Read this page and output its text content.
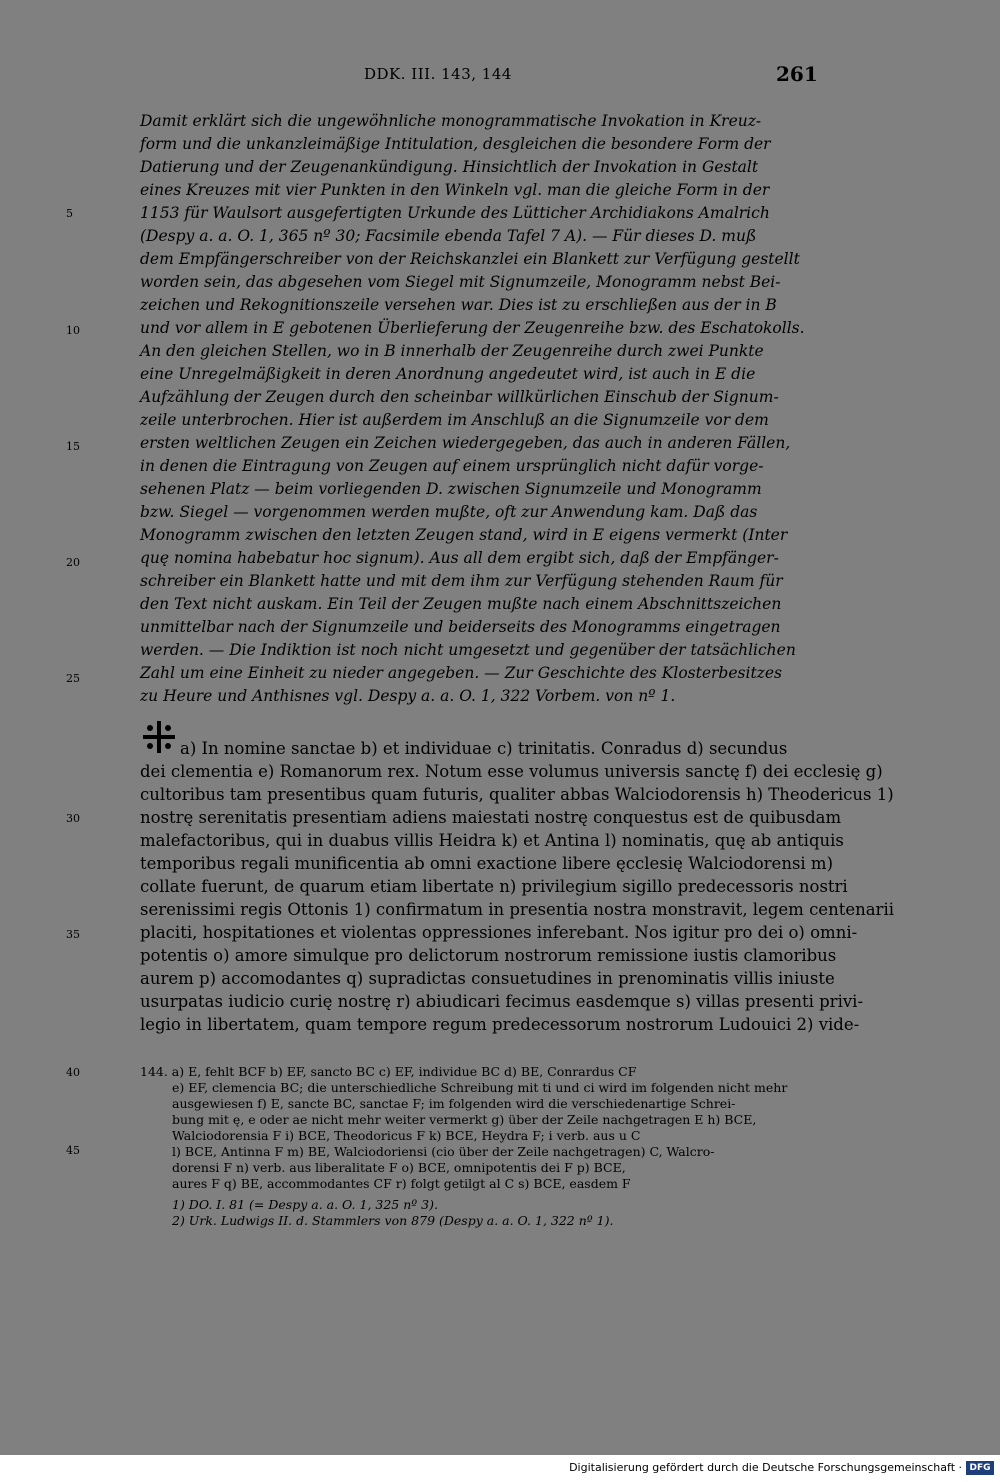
DDK. III. 143, 144	261
Damit erklärt sich die ungewöhnliche monogrammatische Invokation in Kreuz-
form und die unkanzleimäßige Intitulation, desgleichen die besondere Form der
Datierung und der Zeugenankündigung. Hinsichtlich der Invokation in Gestalt
eines Kreuzes mit vier Punkten in den Winkeln vgl. man die gleiche Form in der
1153 für Waulsort ausgefertigten Urkunde des Lütticher Archidiakons Amalrich
(Despy a. a. O. 1, 365 nº 30; Facsimile ebenda Tafel 7 A). — Für dieses D. muß
dem Empfängerschreiber von der Reichskanzlei ein Blankett zur Verfügung gestellt
worden sein, das abgesehen vom Siegel mit Signumzeile, Monogramm nebst Bei-
zeichen und Rekognitionszeile versehen war. Dies ist zu erschließen aus der in B
und vor allem in E gebotenen Überlieferung der Zeugenreihe bzw. des Eschatokolls.
An den gleichen Stellen, wo in B innerhalb der Zeugenreihe durch zwei Punkte
eine Unregelmäßigkeit in deren Anordnung angedeutet wird, ist auch in E die
Aufzählung der Zeugen durch den scheinbar willkürlichen Einschub der Signum-
zeile unterbrochen. Hier ist außerdem im Anschluß an die Signumzeile vor dem
ersten weltlichen Zeugen ein Zeichen wiedergegeben, das auch in anderen Fällen,
in denen die Eintragung von Zeugen auf einem ursprünglich nicht dafür vorge-
sehenen Platz — beim vorliegenden D. zwischen Signumzeile und Monogramm
bzw. Siegel — vorgenommen werden mußte, oft zur Anwendung kam. Daß das
Monogramm zwischen den letzten Zeugen stand, wird in E eigens vermerkt (Inter
quę nomina habebatur hoc signum). Aus all dem ergibt sich, daß der Empfänger-
schreiber ein Blankett hatte und mit dem ihm zur Verfügung stehenden Raum für
den Text nicht auskam. Ein Teil der Zeugen mußte nach einem Abschnittszeichen
unmittelbar nach der Signumzeile und beiderseits des Monogramms eingetragen
werden. — Die Indiktion ist noch nicht umgesetzt und gegenüber der tatsächlichen
Zahl um eine Einheit zu nieder angegeben. — Zur Geschichte des Klosterbesitzes
zu Heure und Anthisnes vgl. Despy a. a. O. 1, 322 Vorbem. von nº 1.
a) In nomine sanctae b) et individuae c) trinitatis. Conradus d) secundus
dei clementia e) Romanorum rex. Notum esse volumus universis sanctę f) dei ecclesię g)
cultoribus tam presentibus quam futuris, qualiter abbas Walciodorensis h) Theodericus 1)
nostrę serenitatis presentiam adiens maiestati nostrę conquestus est de quibusdam
malefactoribus, qui in duabus villis Heidra k) et Antina l) nominatis, quę ab antiquis
temporibus regali munificentia ab omni exactione libere ęcclesię Walciodorensi m)
collate fuerunt, de quarum etiam libertate n) privilegium sigillo predecessoris nostri
serenissimi regis Ottonis 1) confirmatum in presentia nostra monstravit, legem centenarii
placiti, hospitationes et violentas oppressiones inferebant. Nos igitur pro dei o) omni-
potentis o) amore simulque pro delictorum nostrorum remissione iustis clamoribus
aurem p) accomodantes q) supradictas consuetudines in prenominatis villis iniuste
usurpatas iudicio curię nostrę r) abiudicari fecimus easdemque s) villas presenti privi-
legio in libertatem, quam tempore regum predecessorum nostrorum Ludouici 2) vide-
144. a) E, fehlt BCF b) EF, sancto BC c) EF, individue BC d) BE, Conrardus CF
e) EF, clemencia BC; die unterschiedliche Schreibung mit ti und ci wird im folgenden nicht mehr
ausgewiesen f) E, sancte BC, sanctae F; im folgenden wird die verschiedenartige Schrei-
bung mit ę, e oder ae nicht mehr weiter vermerkt g) über der Zeile nachgetragen E h) BCE,
Walciodorensia F i) BCE, Theodoricus F k) BCE, Heydra F; i verb. aus u C
l) BCE, Antinna F m) BE, Walciodoriensi (cio über der Zeile nachgetragen) C, Walcro-
dorensi F n) verb. aus liberalitate F o) BCE, omnipotentis dei F p) BCE,
aures F q) BE, accommodantes CF r) folgt getilgt al C s) BCE, easdem F
1) DO. I. 81 (= Despy a. a. O. 1, 325 nº 3).
2) Urk. Ludwigs II. d. Stammlers von 879 (Despy a. a. O. 1, 322 nº 1).
5
10
15
20
25
30
35
40
45
Digitalisierung gefördert durch die Deutsche Forschungsgemeinschaft · DFG
